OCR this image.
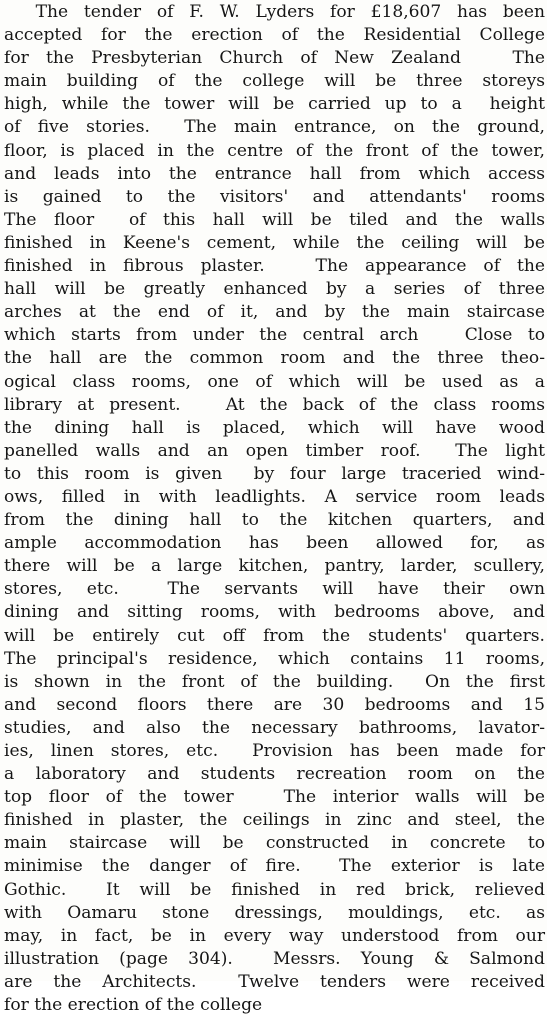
The tender of F. W. Lyders for £18,607 has been
accepted for the erection of the Residential College
for the Presbyterian Church of New Zealand   The
main building of the college will be three storeys
high, while the tower will be carried up to a  height
of five stories.  The main entrance, on the ground,
floor, is placed in the centre of the front of the tower,
and leads into the entrance hall from which access
is gained to the visitors' and attendants' rooms
The floor  of this hall will be tiled and the walls
finished in Keene's cement, while the ceiling will be
finished in fibrous plaster.   The appearance of the
hall will be greatly enhanced by a series of three
arches at the end of it, and by the main staircase
which starts from under the central arch   Close to
the hall are the common room and the three theo-
ogical class rooms, one of which will be used as a
library at present.   At the back of the class rooms
the dining hall is placed, which will have wood
panelled walls and an open timber roof.  The light
to this room is given  by four large traceried wind-
ows, filled in with leadlights. A service room leads
from the dining hall to the kitchen quarters, and
ample accommodation has been allowed for, as
there will be a large kitchen, pantry, larder, scullery,
stores, etc.  The servants will have their own
dining and sitting rooms, with bedrooms above, and
will be entirely cut off from the students' quarters.
The principal's residence, which contains 11 rooms,
is shown in the front of the building.  On the first
and second floors there are 30 bedrooms and 15
studies, and also the necessary bathrooms, lavator-
ies, linen stores, etc.  Provision has been made for
a laboratory and students recreation room on the
top floor of the tower   The interior walls will be
finished in plaster, the ceilings in zinc and steel, the
main staircase will be constructed in concrete to
minimise the danger of fire.  The exterior is late
Gothic.  It will be finished in red brick, relieved
with Oamaru stone dressings, mouldings, etc. as
may, in fact, be in every way understood from our
illustration (page 304).  Messrs. Young & Salmond
are the Architects.  Twelve tenders were received
for the erection of the college
